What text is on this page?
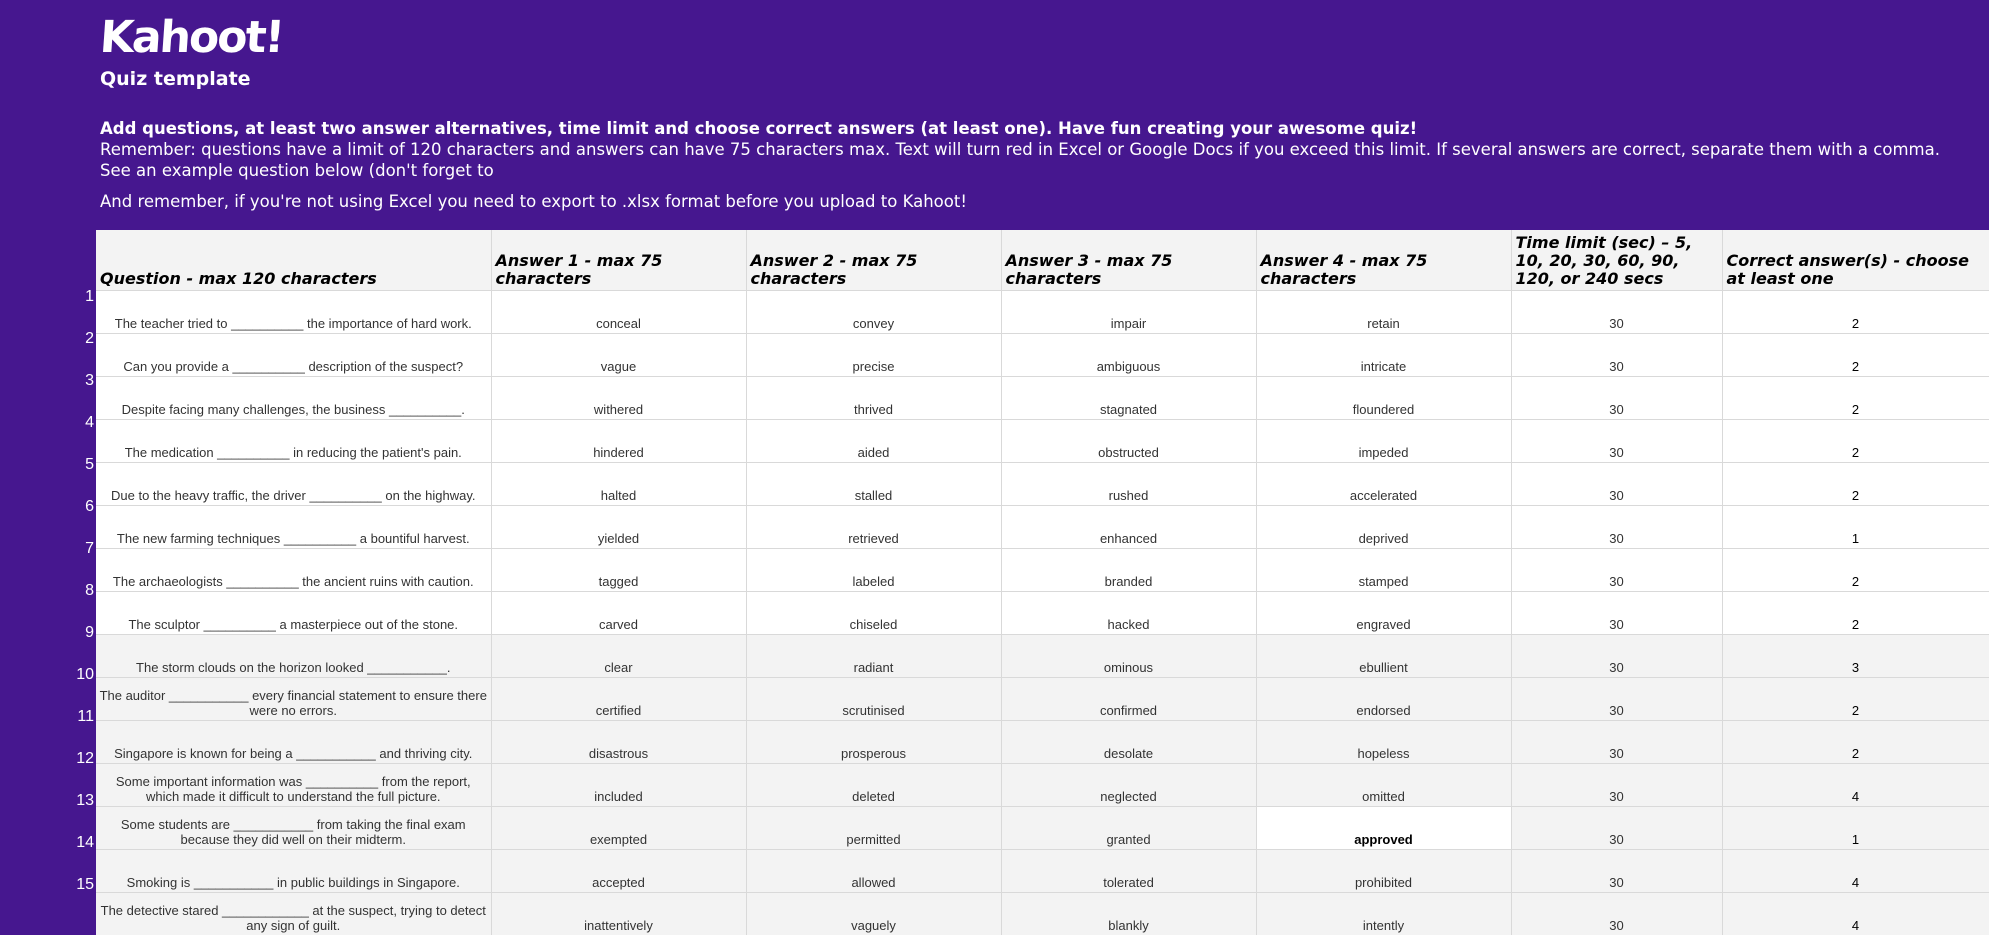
Kahoot!
Quiz template
Add questions, at least two answer alternatives, time limit and choose correct answers (at least one). Have fun creating your awesome quiz!
Remember: questions have a limit of 120 characters and answers can have 75 characters max. Text will turn red in Excel or Google Docs if you exceed this limit. If several answers are correct, separate them with a comma.
See an example question below (don't forget to
And remember, if you're not using Excel you need to export to .xlsx format before you upload to Kahoot!
1
2
3
4
5
6
7
8
9
10
11
12
13
14
15
Question - max 120 characters	Answer 1 - max 75 characters	Answer 2 - max 75 characters	Answer 3 - max 75 characters	Answer 4 - max 75 characters	Time limit (sec) – 5, 10, 20, 30, 60, 90, 120, or 240 secs	Correct answer(s) - choose at least one
The teacher tried to __________ the importance of hard work.	conceal	convey	impair	retain	30	2
Can you provide a __________ description of the suspect?	vague	precise	ambiguous	intricate	30	2
Despite facing many challenges, the business __________.	withered	thrived	stagnated	floundered	30	2
The medication __________ in reducing the patient's pain.	hindered	aided	obstructed	impeded	30	2
Due to the heavy traffic, the driver __________ on the highway.	halted	stalled	rushed	accelerated	30	2
The new farming techniques __________ a bountiful harvest.	yielded	retrieved	enhanced	deprived	30	1
The archaeologists __________ the ancient ruins with caution.	tagged	labeled	branded	stamped	30	2
The sculptor __________ a masterpiece out of the stone.	carved	chiseled	hacked	engraved	30	2
The storm clouds on the horizon looked ___________.	clear	radiant	ominous	ebullient	30	3
The auditor ___________ every financial statement to ensure there were no errors.	certified	scrutinised	confirmed	endorsed	30	2
Singapore is known for being a ___________ and thriving city.	disastrous	prosperous	desolate	hopeless	30	2
Some important information was __________ from the report, which made it difficult to understand the full picture.	included	deleted	neglected	omitted	30	4
Some students are ___________ from taking the final exam because they did well on their midterm.	exempted	permitted	granted	approved	30	1
Smoking is ___________ in public buildings in Singapore.	accepted	allowed	tolerated	prohibited	30	4
The detective stared ____________ at the suspect, trying to detect any sign of guilt.	inattentively	vaguely	blankly	intently	30	4
